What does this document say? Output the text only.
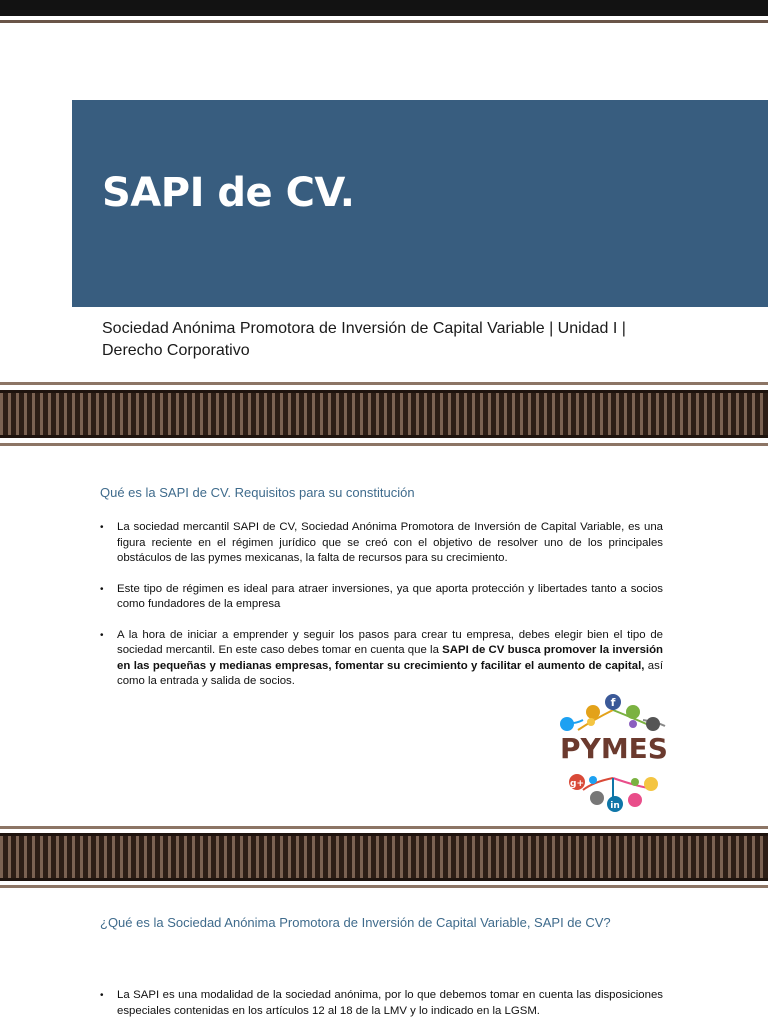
SAPI de CV.
Sociedad Anónima Promotora de Inversión de Capital Variable | Unidad I |
Derecho Corporativo
Qué es la SAPI de CV. Requisitos para su constitución
• La sociedad mercantil SAPI de CV, Sociedad Anónima Promotora de Inversión de Capital Variable, es una figura reciente en el régimen jurídico que se creó con el objetivo de resolver uno de los principales obstáculos de las pymes mexicanas, la falta de recursos para su crecimiento.
• Este tipo de régimen es ideal para atraer inversiones, ya que aporta protección y libertades tanto a socios como fundadores de la empresa
• A la hora de iniciar a emprender y seguir los pasos para crear tu empresa, debes elegir bien el tipo de sociedad mercantil. En este caso debes tomar en cuenta que la SAPI de CV busca promover la inversión en las pequeñas y medianas empresas, fomentar su crecimiento y facilitar el aumento de capital, así como la entrada y salida de socios.
f
g+
in
PYMES
¿Qué es la Sociedad Anónima Promotora de Inversión de Capital Variable, SAPI de CV?
• La SAPI es una modalidad de la sociedad anónima, por lo que debemos tomar en cuenta las disposiciones especiales contenidas en los artículos 12 al 18 de la LMV y lo indicado en la LGSM.
